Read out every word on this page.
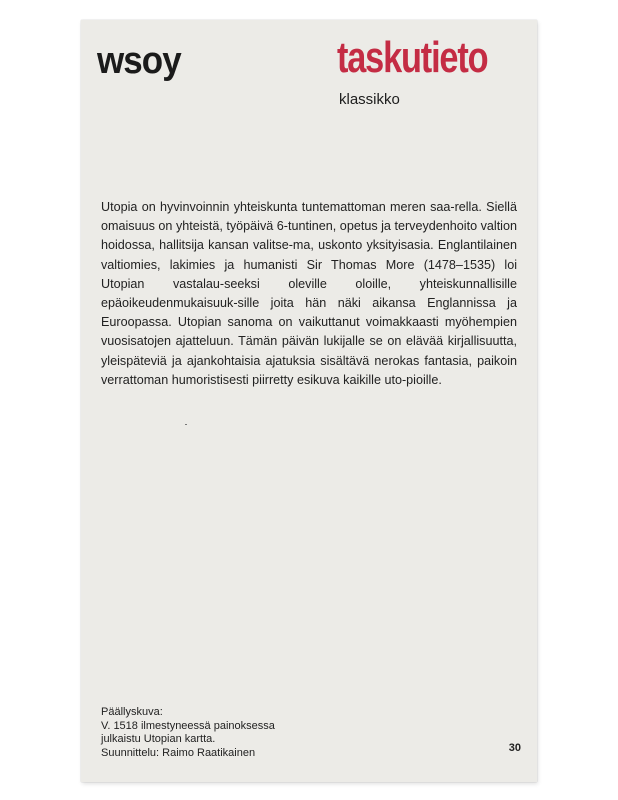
wsoy	taskutieto
klassikko

Utopia on hyvinvoinnin yhteiskunta tuntemattoman meren saa-rella. Siellä omaisuus on yhteistä, työpäivä 6-tuntinen, opetus ja terveydenhoito valtion hoidossa, hallitsija kansan valitse-ma, uskonto yksityisasia. Englantilainen valtiomies, lakimies ja humanisti Sir Thomas More (1478–1535) loi Utopian vastalau-seeksi oleville oloille, yhteiskunnallisille epäoikeudenmukaisuuk-sille joita hän näki aikansa Englannissa ja Euroopassa. Utopian sanoma on vaikuttanut voimakkaasti myöhempien vuosisatojen ajatteluun. Tämän päivän lukijalle se on elävää kirjallisuutta, yleispäteviä ja ajankohtaisia ajatuksia sisältävä nerokas fantasia, paikoin verrattoman humoristisesti piirretty esikuva kaikille uto-pioille.

Päällyskuva:
V. 1518 ilmestyneessä painoksessa
julkaistu Utopian kartta.
Suunnittelu: Raimo Raatikainen	30
